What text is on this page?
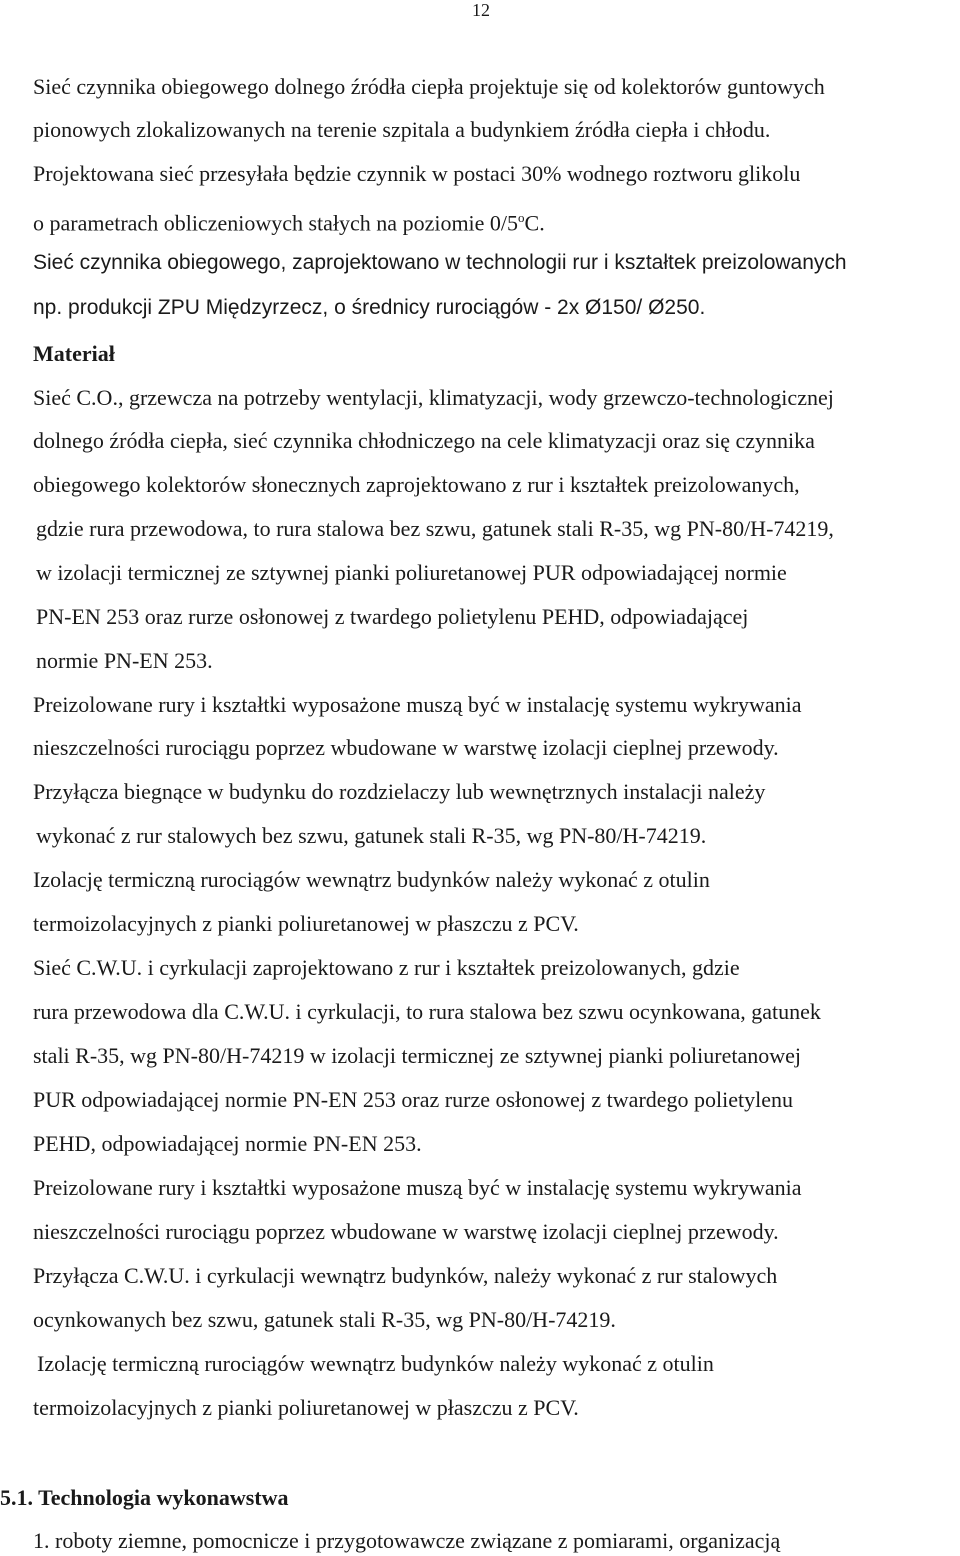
12
Sieć czynnika obiegowego dolnego źródła ciepła projektuje się od kolektorów guntowych
pionowych zlokalizowanych na terenie szpitala a budynkiem źródła ciepła i chłodu.
Projektowana sieć przesyłała będzie czynnik w postaci 30% wodnego roztworu glikolu
o parametrach obliczeniowych stałych na poziomie 0/5$^o$C.
Sieć czynnika obiegowego, zaprojektowano w technologii rur i kształtek preizolowanych
np. produkcji ZPU Międzyrzecz, o średnicy rurociągów - 2x Ø150/ Ø250.
Materiał
Sieć C.O., grzewcza na potrzeby wentylacji, klimatyzacji, wody grzewczo-technologicznej
dolnego źródła ciepła, sieć czynnika chłodniczego na cele klimatyzacji oraz się czynnika
obiegowego kolektorów słonecznych zaprojektowano z rur i kształtek preizolowanych,
gdzie rura przewodowa, to rura stalowa bez szwu, gatunek stali R-35, wg PN-80/H-74219,
w izolacji termicznej ze sztywnej pianki poliuretanowej PUR odpowiadającej normie
PN-EN 253 oraz rurze osłonowej z twardego polietylenu PEHD, odpowiadającej
normie PN-EN 253.
Preizolowane rury i kształtki wyposażone muszą być w instalację systemu wykrywania
nieszczelności rurociągu poprzez wbudowane w warstwę izolacji cieplnej przewody.
Przyłącza biegnące w budynku do rozdzielaczy lub wewnętrznych instalacji należy
wykonać z rur stalowych bez szwu, gatunek stali R-35, wg PN-80/H-74219.
Izolację termiczną rurociągów wewnątrz budynków należy wykonać z otulin
termoizolacyjnych z pianki poliuretanowej w płaszczu z PCV.
Sieć C.W.U. i cyrkulacji zaprojektowano z rur i kształtek preizolowanych, gdzie
rura przewodowa dla C.W.U. i cyrkulacji, to rura stalowa bez szwu ocynkowana, gatunek
stali R-35, wg PN-80/H-74219 w izolacji termicznej ze sztywnej pianki poliuretanowej
PUR odpowiadającej normie PN-EN 253 oraz rurze osłonowej z twardego polietylenu
PEHD, odpowiadającej normie PN-EN 253.
Preizolowane rury i kształtki wyposażone muszą być w instalację systemu wykrywania
nieszczelności rurociągu poprzez wbudowane w warstwę izolacji cieplnej przewody.
Przyłącza C.W.U. i cyrkulacji wewnątrz budynków, należy wykonać z rur stalowych
ocynkowanych bez szwu, gatunek stali R-35, wg PN-80/H-74219.
Izolację termiczną rurociągów wewnątrz budynków należy wykonać z otulin
termoizolacyjnych z pianki poliuretanowej w płaszczu z PCV.
5.1. Technologia wykonawstwa
1. roboty ziemne, pomocnicze i przygotowawcze związane z pomiarami, organizacją
